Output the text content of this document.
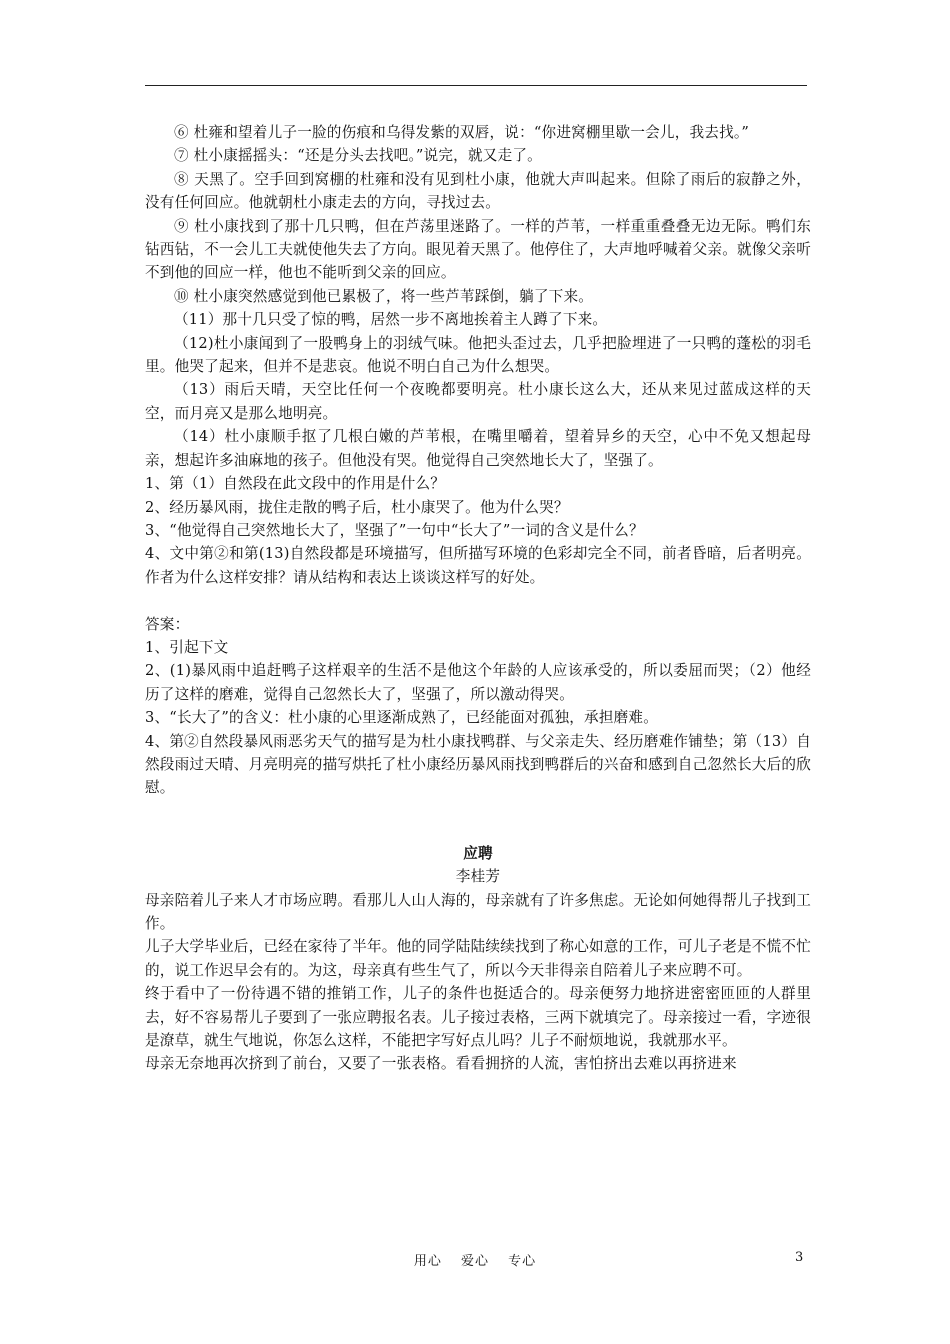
⑥ 杜雍和望着儿子一脸的伤痕和乌得发紫的双唇，说：“你进窝棚里歇一会儿，我去找。”

⑦ 杜小康摇摇头：“还是分头去找吧。”说完，就又走了。

⑧ 天黑了。空手回到窝棚的杜雍和没有见到杜小康，他就大声叫起来。但除了雨后的寂静之外，没有任何回应。他就朝杜小康走去的方向，寻找过去。

⑨ 杜小康找到了那十几只鸭，但在芦荡里迷路了。一样的芦苇，一样重重叠叠无边无际。鸭们东钻西钻，不一会儿工夫就使他失去了方向。眼见着天黑了。他停住了，大声地呼喊着父亲。就像父亲听不到他的回应一样，他也不能听到父亲的回应。

⑩ 杜小康突然感觉到他已累极了，将一些芦苇踩倒，躺了下来。

（11）那十几只受了惊的鸭，居然一步不离地挨着主人蹲了下来。

（12)杜小康闻到了一股鸭身上的羽绒气味。他把头歪过去，几乎把脸埋进了一只鸭的蓬松的羽毛里。他哭了起来，但并不是悲哀。他说不明白自己为什么想哭。

（13）雨后天晴，天空比任何一个夜晚都要明亮。杜小康长这么大，还从来见过蓝成这样的天空，而月亮又是那么地明亮。

（14）杜小康顺手抠了几根白嫩的芦苇根，在嘴里嚼着，望着异乡的天空，心中不免又想起母亲，想起许多油麻地的孩子。但他没有哭。他觉得自己突然地长大了，坚强了。

1、第（1）自然段在此文段中的作用是什么？

2、经历暴风雨，拢住走散的鸭子后，杜小康哭了。他为什么哭？

3、“他觉得自己突然地长大了，坚强了”一句中“长大了”一词的含义是什么？

4、文中第②和第(13)自然段都是环境描写，但所描写环境的色彩却完全不同，前者昏暗，后者明亮。作者为什么这样安排？请从结构和表达上谈谈这样写的好处。

答案：

1、引起下文

2、(1)暴风雨中追赶鸭子这样艰辛的生活不是他这个年龄的人应该承受的，所以委屈而哭；（2）他经历了这样的磨难，觉得自己忽然长大了，坚强了，所以激动得哭。

3、“长大了”的含义：杜小康的心里逐渐成熟了，已经能面对孤独，承担磨难。

4、第②自然段暴风雨恶劣天气的描写是为杜小康找鸭群、与父亲走失、经历磨难作铺垫；第（13）自然段雨过天晴、月亮明亮的描写烘托了杜小康经历暴风雨找到鸭群后的兴奋和感到自己忽然长大后的欣慰。

应聘

李桂芳

母亲陪着儿子来人才市场应聘。看那儿人山人海的，母亲就有了许多焦虑。无论如何她得帮儿子找到工作。

儿子大学毕业后，已经在家待了半年。他的同学陆陆续续找到了称心如意的工作，可儿子老是不慌不忙的，说工作迟早会有的。为这，母亲真有些生气了，所以今天非得亲自陪着儿子来应聘不可。

终于看中了一份待遇不错的推销工作，儿子的条件也挺适合的。母亲便努力地挤进密密匝匝的人群里去，好不容易帮儿子要到了一张应聘报名表。儿子接过表格，三两下就填完了。母亲接过一看，字迹很是潦草，就生气地说，你怎么这样，不能把字写好点儿吗？儿子不耐烦地说，我就那水平。

母亲无奈地再次挤到了前台，又要了一张表格。看看拥挤的人流，害怕挤出去难以再挤进来

用心　 爱心　 专心	3
